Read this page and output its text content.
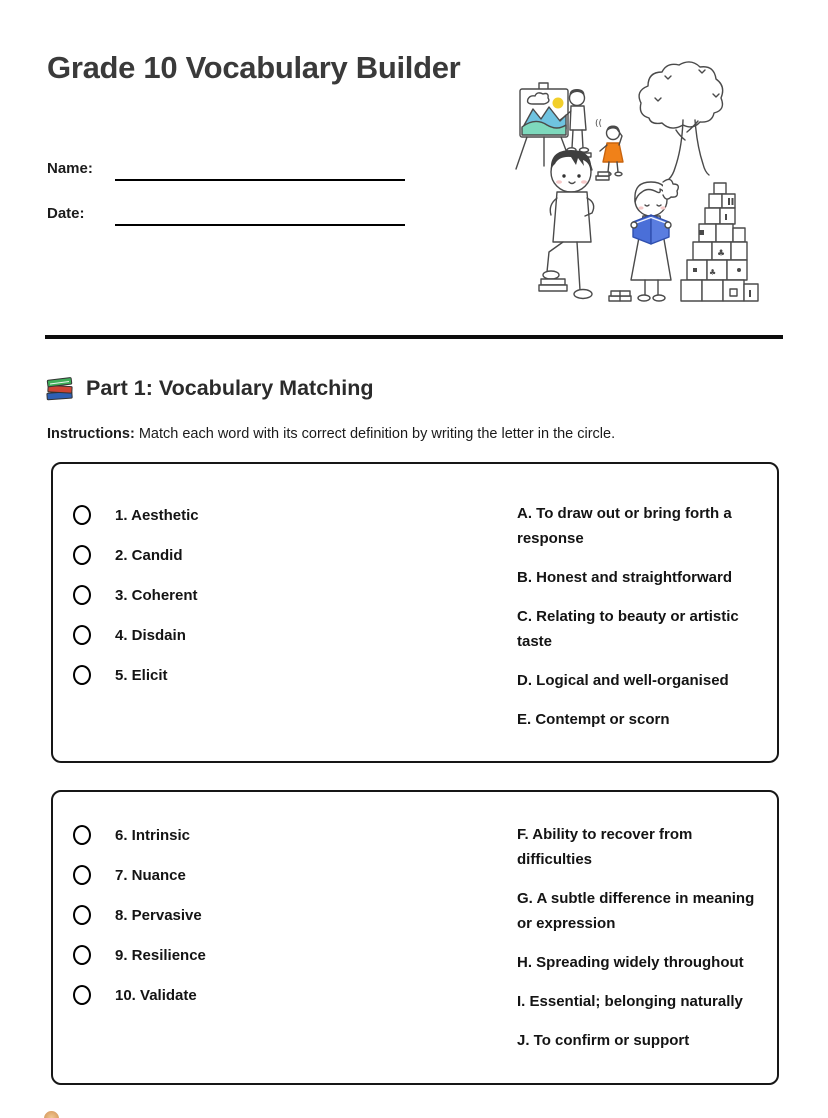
Grade 10 Vocabulary Builder
Name:
Date:
((
♣
♣
Part 1: Vocabulary Matching

Instructions: Match each word with its correct definition by writing the letter in the circle.

1. Aesthetic
2. Candid
3. Coherent
4. Disdain
5. Elicit

A. To draw out or bring forth a response

B. Honest and straightforward

C. Relating to beauty or artistic taste

D. Logical and well-organised

E. Contempt or scorn

6. Intrinsic
7. Nuance
8. Pervasive
9. Resilience
10. Validate

F. Ability to recover from difficulties

G. A subtle difference in meaning or expression

H. Spreading widely throughout

I. Essential; belonging naturally

J. To confirm or support
